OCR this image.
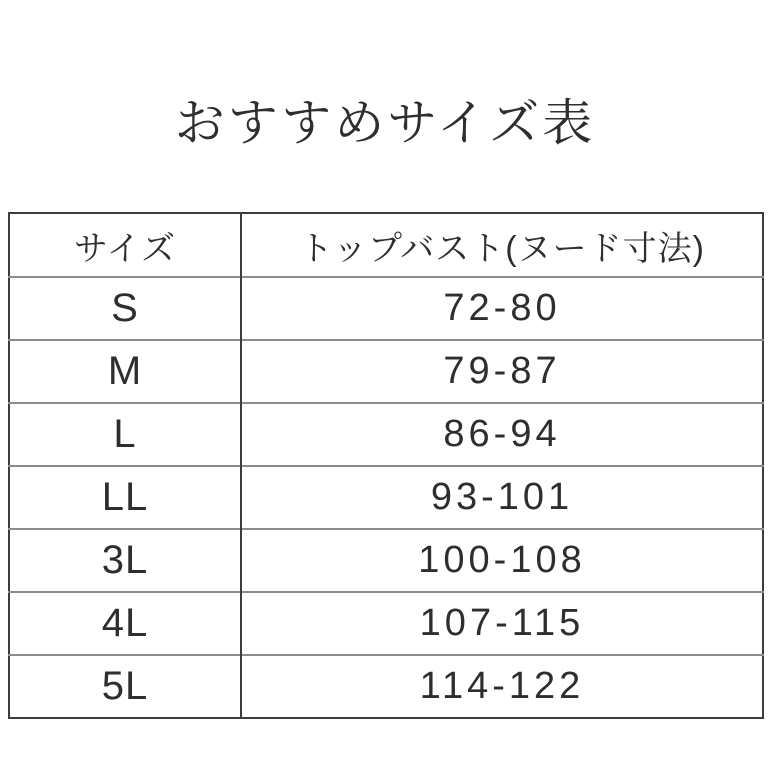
おすすめサイズ表
サイズ	トップバスト(ヌード寸法)
S	72-80
M	79-87
L	86-94
LL	93-101
3L	100-108
4L	107-115
5L	114-122
